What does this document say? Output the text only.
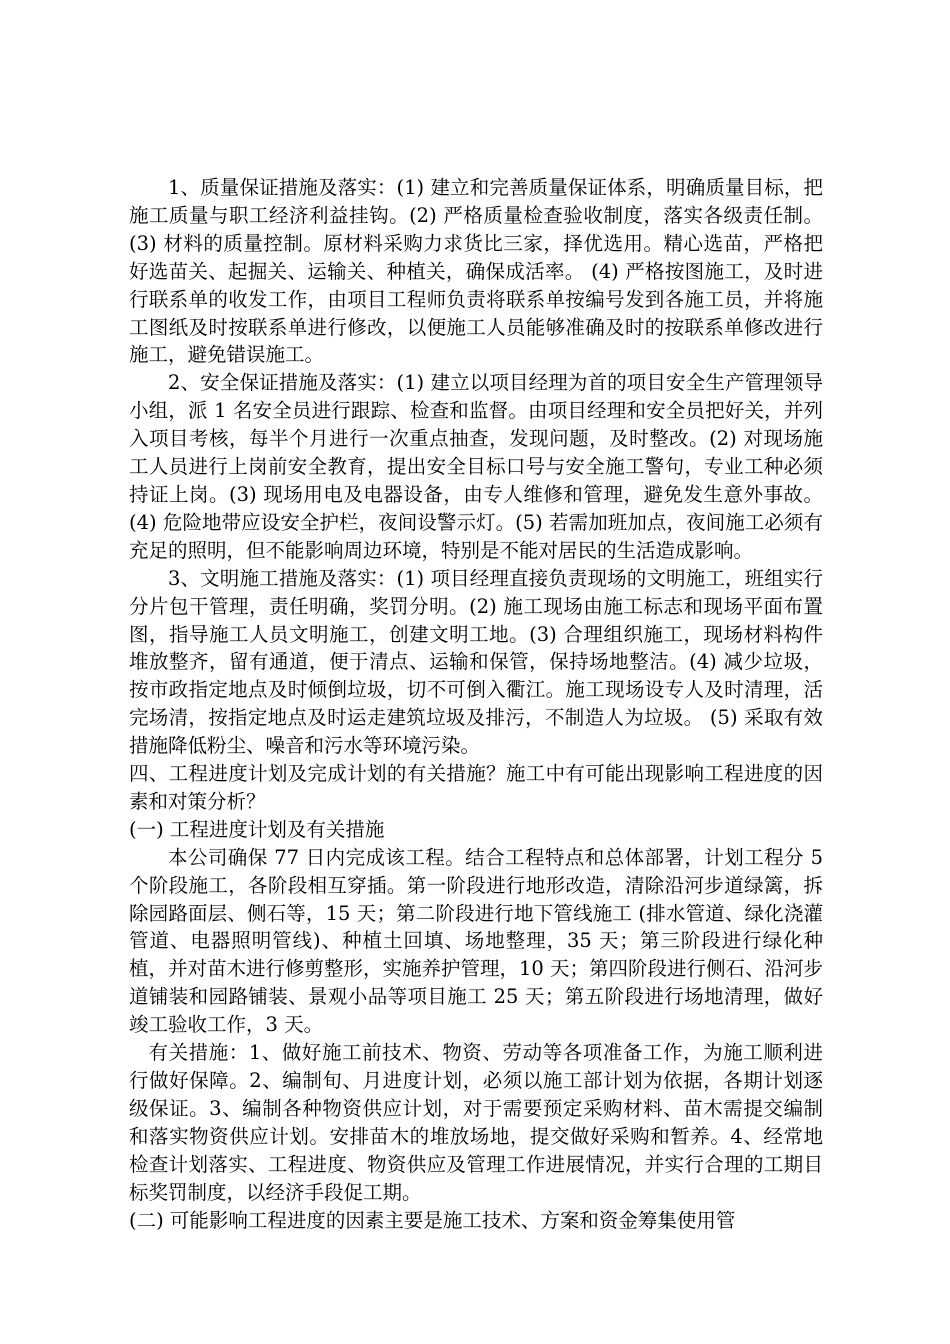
1、质量保证措施及落实：(1) 建立和完善质量保证体系，明确质量目标，把施工质量与职工经济利益挂钩。(2) 严格质量检查验收制度，落实各级责任制。(3) 材料的质量控制。原材料采购力求货比三家，择优选用。精心选苗，严格把好选苗关、起掘关、运输关、种植关，确保成活率。 (4) 严格按图施工，及时进行联系单的收发工作，由项目工程师负责将联系单按编号发到各施工员，并将施工图纸及时按联系单进行修改，以便施工人员能够准确及时的按联系单修改进行施工，避免错误施工。

2、安全保证措施及落实：(1) 建立以项目经理为首的项目安全生产管理领导小组，派 1 名安全员进行跟踪、检查和监督。由项目经理和安全员把好关，并列入项目考核，每半个月进行一次重点抽查，发现问题，及时整改。(2) 对现场施工人员进行上岗前安全教育，提出安全目标口号与安全施工警句，专业工种必须持证上岗。(3) 现场用电及电器设备，由专人维修和管理，避免发生意外事故。(4) 危险地带应设安全护栏，夜间设警示灯。(5) 若需加班加点，夜间施工必须有充足的照明，但不能影响周边环境，特别是不能对居民的生活造成影响。

3、文明施工措施及落实：(1) 项目经理直接负责现场的文明施工，班组实行分片包干管理，责任明确，奖罚分明。(2) 施工现场由施工标志和现场平面布置图，指导施工人员文明施工，创建文明工地。(3) 合理组织施工，现场材料构件堆放整齐，留有通道，便于清点、运输和保管，保持场地整洁。(4) 减少垃圾，按市政指定地点及时倾倒垃圾，切不可倒入衢江。施工现场设专人及时清理，活完场清，按指定地点及时运走建筑垃圾及排污，不制造人为垃圾。 (5) 采取有效措施降低粉尘、噪音和污水等环境污染。

四、工程进度计划及完成计划的有关措施？施工中有可能出现影响工程进度的因素和对策分析？

(一) 工程进度计划及有关措施

本公司确保 77 日内完成该工程。结合工程特点和总体部署，计划工程分 5 个阶段施工，各阶段相互穿插。第一阶段进行地形改造，清除沿河步道绿篱，拆除园路面层、侧石等，15 天；第二阶段进行地下管线施工 (排水管道、绿化浇灌管道、电器照明管线)、种植土回填、场地整理，35 天；第三阶段进行绿化种植，并对苗木进行修剪整形，实施养护管理，10 天；第四阶段进行侧石、沿河步道铺装和园路铺装、景观小品等项目施工 25 天；第五阶段进行场地清理，做好竣工验收工作，3 天。

有关措施：1、做好施工前技术、物资、劳动等各项准备工作，为施工顺利进行做好保障。2、编制旬、月进度计划，必须以施工部计划为依据，各期计划逐级保证。3、编制各种物资供应计划，对于需要预定采购材料、苗木需提交编制和落实物资供应计划。安排苗木的堆放场地，提交做好采购和暂养。4、经常地检查计划落实、工程进度、物资供应及管理工作进展情况，并实行合理的工期目标奖罚制度，以经济手段促工期。

(二) 可能影响工程进度的因素主要是施工技术、方案和资金筹集使用管
